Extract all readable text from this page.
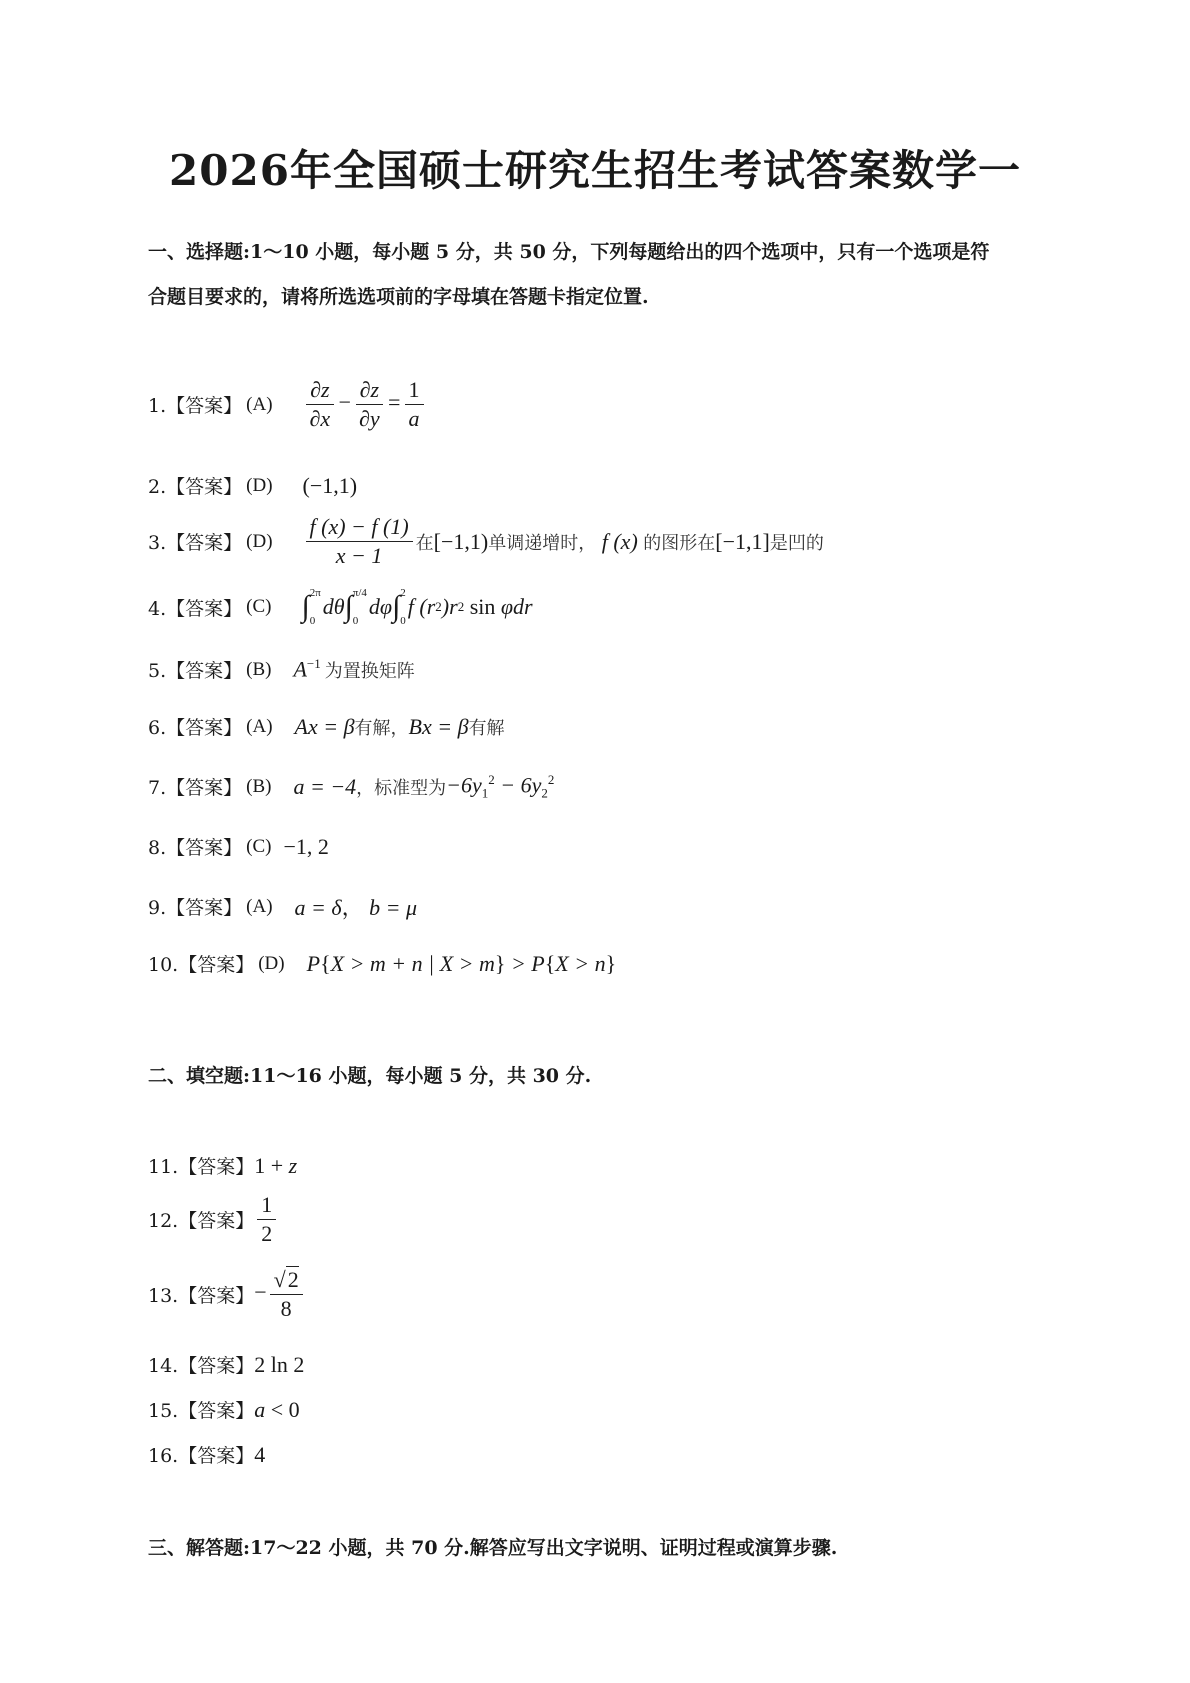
2026年全国硕士研究生招生考试答案数学一
一、选择题:1～10 小题，每小题 5 分，共 50 分，下列每题给出的四个选项中，只有一个选项是符
合题目要求的，请将所选选项前的字母填在答题卡指定位置.
1.【答案】 $(A) \frac{\partial z}{\partial x} - \frac{\partial z}{\partial y} = \frac{1}{a}$
2.【答案】 (D) (−1,1)
3.【答案】 $(D) \frac{f (x) - f (1)}{x - 1}$ 在 [−1,1) 单调递增时， f (x) 的图形在 [−1,1] 是凹的
4.【答案】 (C) ∫ 2π
0
dθ ∫ π/4
0
dφ ∫ 2
0
f (r 2 )r 2
sin φdr
5.【答案】 (B) $A^{-1}$ 为置换矩阵
6.【答案】 (A) Ax = β 有解， Bx = β 有解
7.【答案】 (B) a = −4 ，标准型为 $-6y_1^2 - 6y_2^2$
8.【答案】 (C) −1, 2
9.【答案】 (A) a = δ， b = μ
10.【答案】 (D) P{X > m + n | X > m} > P{X > n}
二、填空题:11～16 小题，每小题 5 分，共 30 分.
11.【答案】 1 + z
12.【答案】 $\frac{1}{2}$
13.【答案】 − $\frac{√2}{8}$
14.【答案】 2 ln 2
15.【答案】 a < 0
16.【答案】 4
三、解答题:17～22 小题，共 70 分.解答应写出文字说明、证明过程或演算步骤.
